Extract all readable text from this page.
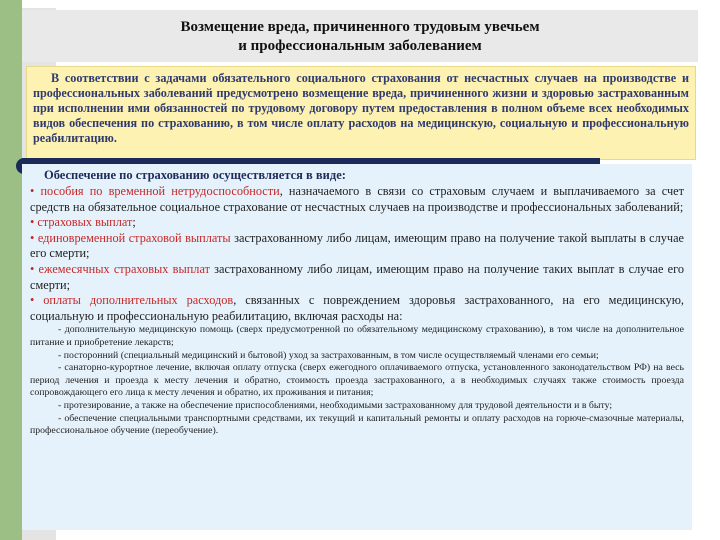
Возмещение вреда, причиненного трудовым увечьем
и профессиональным заболеванием

В соответствии с задачами обязательного социального страхования от несчастных случаев на производстве и профессиональных заболеваний предусмотрено возмещение вреда, причиненного жизни и здоровью застрахованным при исполнении ими обязанностей по трудовому договору путем предоставления в полном объеме всех необходимых видов обеспечения по страхованию, в том числе оплату расходов на медицинскую, социальную и профессиональную реабилитацию.

Обеспечение по страхованию осуществляется в виде:

• пособия по временной нетрудоспособности, назначаемого в связи со страховым случаем и выплачиваемого за счет средств на обязательное социальное страхование от несчастных случаев на производстве и профессиональных заболеваний;

• страховых выплат;

• единовременной страховой выплаты застрахованному либо лицам, имеющим право на получение такой выплаты в случае его смерти;

• ежемесячных страховых выплат застрахованному либо лицам, имеющим право на получение таких выплат в случае его смерти;

• оплаты дополнительных расходов, связанных с повреждением здоровья застрахованного, на его медицинскую, социальную и профессиональную реабилитацию, включая расходы на:

- дополнительную медицинскую помощь (сверх предусмотренной по обязательному медицинскому страхованию), в том числе на дополнительное питание и приобретение лекарств;

- посторонний (специальный медицинский и бытовой) уход за застрахованным, в том числе осуществляемый членами его семьи;

- санаторно-курортное лечение, включая оплату отпуска (сверх ежегодного оплачиваемого отпуска, установленного законодательством РФ) на весь период лечения и проезда к месту лечения и обратно, стоимость проезда застрахованного, а в необходимых случаях также стоимость проезда сопровождающего его лица к месту лечения и обратно, их проживания и питания;

- протезирование, а также на обеспечение приспособлениями, необходимыми застрахованному для трудовой деятельности и в быту;

- обеспечение специальными транспортными средствами, их текущий и капитальный ремонты и оплату расходов на горюче-смазочные материалы, профессиональное обучение (переобучение).
